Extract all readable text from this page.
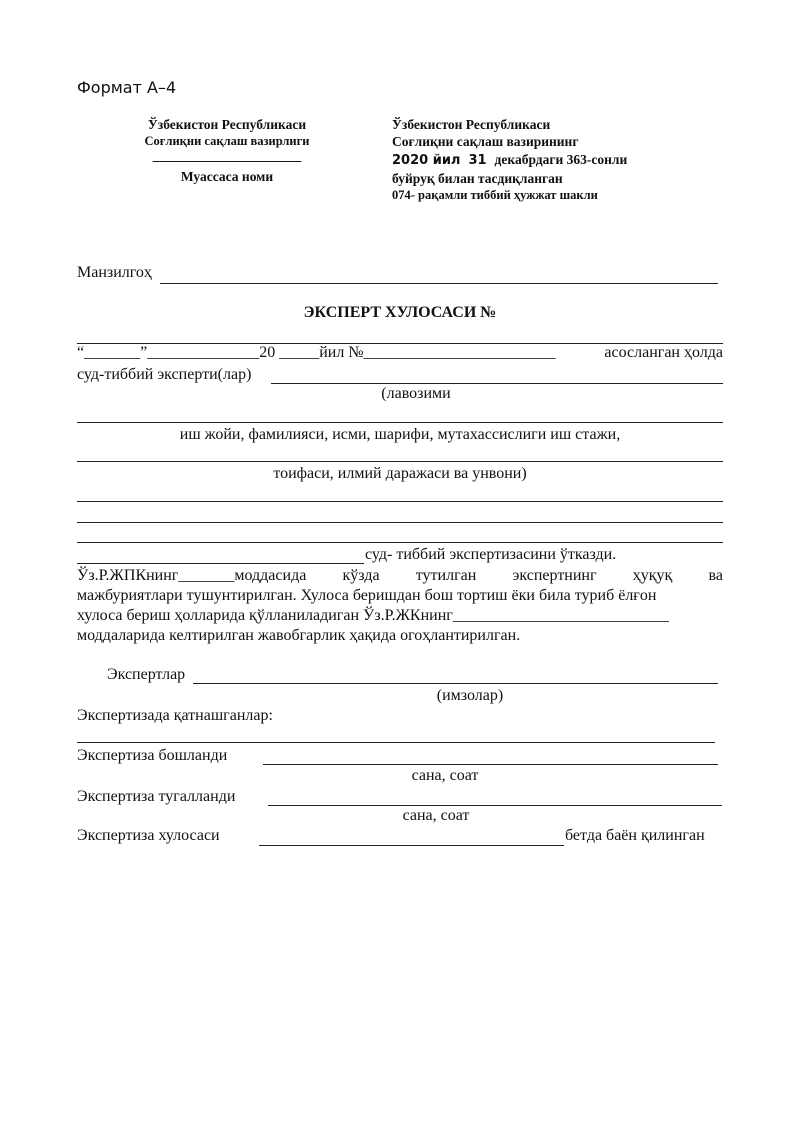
Формат А–4
Ўзбекистон Республикаси
Соғлиқни сақлаш вазирлиги
______________________
Муассаса номи
Ўзбекистон Республикаси
Соғлиқни сақлаш вазирининг
2020 йил 31 декабрдаги 363-сонли
буйруқ билан тасдиқланган
074- рақамли тиббий ҳужжат шакли
Манзилгоҳ
ЭКСПЕРТ ХУЛОСАСИ №
“_______”______________20 _____йил №________________________	асосланган ҳолда
суд-тиббий эксперти(лар)
(лавозими
иш жойи, фамилияси, исми, шарифи, мутахассислиги иш стажи,
тоифаси, илмий даражаси ва унвони)
суд- тиббий экспертизасини ўтказди.
Ўз.Р.ЖПКнинг_______моддасида кўзда тутилган экспертнинг ҳуқуқ ва
мажбуриятлари тушунтирилган. Хулоса беришдан бош тортиш ёки била туриб ёлғон
хулоса бериш ҳолларида қўлланиладиган Ўз.Р.ЖКнинг___________________________
моддаларида келтирилган жавобгарлик ҳақида огоҳлантирилган.
Экспертлар
(имзолар)
Экспертизада қатнашганлар:
Экспертиза бошланди
сана, соат
Экспертиза тугалланди
сана, соат
Экспертиза хулосаси	бетда баён қилинган
